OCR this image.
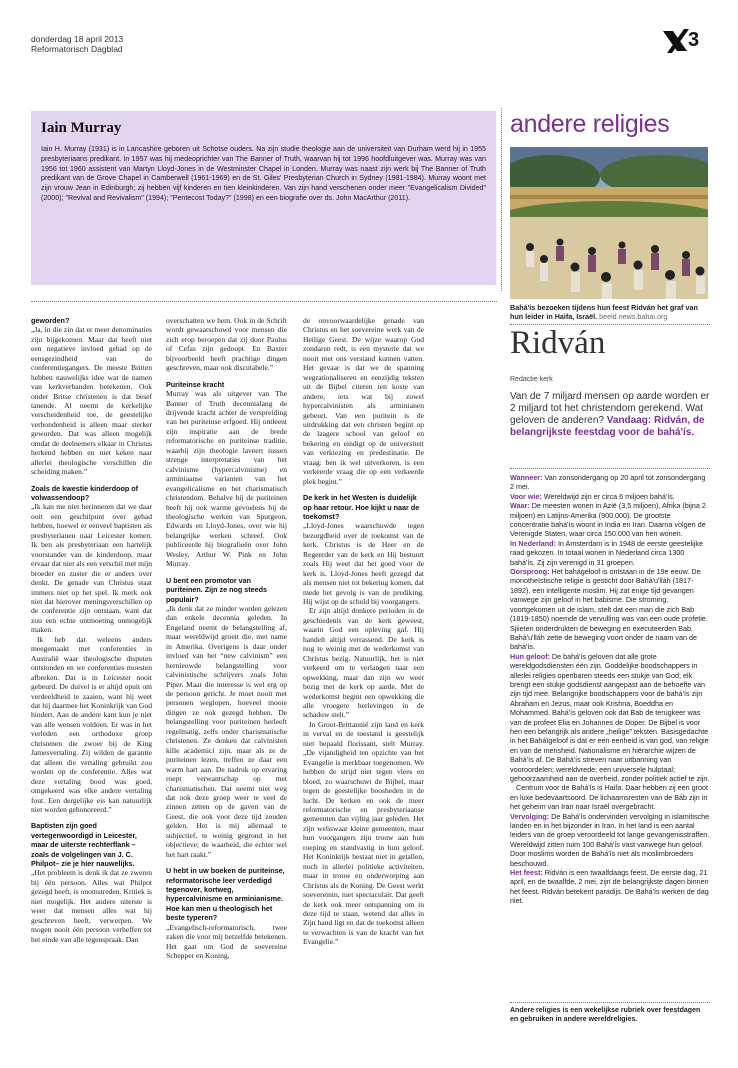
donderdag 18 april 2013
Reformatorisch Dagblad	3
Iain Murray

Iain H. Murray (1931) is in Lancashire geboren uit Schotse ouders. Na zijn studie theologie aan de universiteit van Durham werd hij in 1955 presbyteriaans predikant. In 1957 was hij medeoprichter van The Banner of Truth, waarvan hij tot 1996 hoofdluitgever was. Murray was van 1956 tot 1960 assistent van Martyn Lloyd-Jones in de Westminster Chapel in Londen. Murray was naast zijn werk bij The Banner of Truth predikant van de Grove Chapel in Camberwell (1961-1969) en de St. Giles' Presbyterian Church in Sydney (1981-1984). Murray woont met zijn vrouw Jean in Edinburgh; zij hebben vijf kinderen en tien kleinkinderen. Van zijn hand verschenen onder meer "Evangelicalism Divided" (2000); "Revival and Revivalism" (1994); "Pentecost Today?" (1998) en een biografie over ds. John MacArthur (2011).

geworden?

„Ja, in die zin dat er meer denominaties zijn bijgekomen. Maar dat heeft niet een negatieve invloed gehad op de eensgezindheid van de conferentiegangers. De meeste Britten hebben nauwelijks idee wat de namen van kerkverbanden betekenen. Ook onder Britse christenen is dat besef tanende. Al neemt de kerkelijke verscheidenheid toe, de geestelijke verbondenheid is alleen maar sterker geworden. Dat was alleen mogelijk omdat de deelnemers elkaar in Christus herkend hebben en niet keken naar allerlei theologische verschillen die scheiding maken.”

Zoals de kwestie kinderdoop of volwassendoop?

„Ik kan me niet herinneren dat we daar ooit een geschilpunt over gehad hebben, hoewel er eenveel baptisten als presbyterianen naar Leicester komen. Ik ben als presbyteriaan een hartelijk voorstander van de kinderdoop, maar ervaar dat niet als een verschil met mijn broeder en zuster die er anders over denkt. De genade van Christus staat immers niet op het spel. Ik merk ook niet dat hierover meningsverschillen op de conferentie zijn ontstaan, want dat zou een echte ontmoeting onmogelijk maken.

Ik heb dat weleens anders meegemaakt met conferenties in Australië waar theologische disputen ontstonden en we conferenties moesten afbreken. Dat is in Leicester nooit gebeurd. De duivel is er altijd opuit om verdeeldheid te zaaien, want hij weet dat hij daarmee het Koninkrijk van God hindert. Aan de andere kant kun je niet van alle wensen voldoen. Er was in het verleden een orthodoxe groep christenen die zwoer bij de King Jamesvertaling. Zij wilden de garantie dat alleen die vertaling gebruikt zou worden op de conferentie. Alles wat deze vertaling bood was goed, omgekeerd was elke andere vertaling fout. Een dergelijke eis kan natuurlijk niet worden gehonoreerd.”

Baptisten zijn goed vertegenwoordigd in Leicester, maar de uiterste rechterflank –zoals de volgelingen van J. C. Philpot– zie je hier nauwelijks.

„Het probleem is denk ik dat ze zweren bij één persoon. Alles wat Philpot gezegd heeft, is onomstreden. Kritiek is niet mogelijk. Het andere uiterste is weer dat mensen alles wat hij geschreven heeft, verwerpen. We mogen nooit één persoon verheffen tot het einde van alle tegenspraak. Dan

overschatten we hem. Ook in de Schrift wordt gewaarschuwd voor mensen die zich erop beroepen dat zij door Paulus of Cefas zijn gedoopt. En Baxter bijvoorbeeld heeft prachtige dingen geschreven, maar ook discutabele.”

Puriteinse kracht

Murray was als uitgever van The Banner of Truth decennialang de drijvende kracht achter de verspreiding van het puriteinse erfgoed. Hij ontleent zijn inspiratie aan de brede reformatorische en puriteinse traditie, waarbij zijn theologie laveert tussen strenge interpretaties van het calvinisme (hypercalvinisme) en arminiaanse varianten van het evangelicalisme en het charismatisch christendom. Behalve bij de puriteinen heeft hij ook warme gevoelens bij de theologische werken van Spurgeon, Edwards en Lloyd-Jones, over wie hij belangrijke werken schreef. Ook publiceerde hij biografieën over John Wesley, Arthur W. Pink en John Murray.

U bent een promotor van puriteinen. Zijn ze nog steeds populair?

„Ik denk dat ze minder worden gelezen dan enkele decennia geleden. In Engeland neemt de belangstelling af, maar wereldwijd groeit die, met name in Amerika. Overigens is daar onder invloed van het “new calvinism” een hernieuwde belangstelling voor calvinistische schrijvers zoals John Piper. Maar die interesse is wel erg op de persoon gericht. Je moet nooit met personen weglopen, hoeveel mooie dingen ze ook gezegd hebben. De belangstelling voor puriteinen herleeft regelmatig, zelfs onder charismatische christenen. Ze denken dat calvinisten kille academici zijn, maar als ze de puriteinen lezen, treffen ze daar een warm hart aan. De nadruk op ervaring roept verwantschap op met charismatischen. Dat neemt niet weg dat ook deze groep weer te veel de zinnen zetten op de gaven van de Geest, die ook voor deze tijd zouden gelden. Het is mij allemaal te subjectief, te weinig gegrond in het objectieve; de waarheid, die echter wel het hart raakt.”

U hebt in uw boeken de puriteinse, reformatorische leer verdedigd tegenover, kortweg, hypercalvinisme en arminianisme. Hoe kan men u theologisch het beste typeren?

„Evangelisch-reformatorisch, twee zaken die voor mij hetzelfde betekenen. Het gaat om God de soevereine Schepper en Koning,

de onvoorwaardelijke genade van Christus en het soevereine werk van de Heilige Geest. De wijze waarop God zondaren redt, is een mysterie dat we nooit met ons verstand kunnen vatten. Het gevaar is dat we de spanning wegrationaliseren en eenzijdig teksten uit de Bijbel citeren ten koste van andere, iets wat bij zowel hypercalvinisten als arminianen gebeurt. Van een puritein is de uitdrukking dat een christen begint op de laagere school van geloof en bekering en eindigt op de universiteit van verkiezing en predestinatie. De vraag: ben ik wel uitverkoren, is een verkeerde vraag die op een verkeerde plek begint.”

De kerk in het Westen is duidelijk op haar retour. Hoe kijkt u naar de toekomst?

„Lloyd-Jones waarschuwde tegen bezorgdheid over de toekomst van de kerk. Christus is de Heer en de Regeerder van de kerk en Hij bestuurt zoals Hij weet dat het goed voor de kerk is. Lloyd-Jones heeft gezegd dat als mensen niet tot bekering komen, dat mede het gevolg is van de prediking. Hij wijst op de schuld bij voorgangers.

Er zijn altijd donkere perioden in de geschiedenis van de kerk geweest, waarin God een opleving gaf. Hij handelt altijd verrassend. De kerk is nog te weinig met de wederkomst van Christus bezig. Natuurlijk, het is niet verkeerd om te verlangen naar een opwekking, maar dan zijn we weer bezig met de kerk op aarde. Met de wederkomst begint een opwekking die alle vroegere herlevingen in de schaduw stelt.”

In Groot-Brittannië zijn land en kerk in verval en de toestand is geestelijk niet bepaald florissant, stelt Murray. „De vijandigheid ten opzichte van het Evangelie is merkbaar toegenomen. We hebben de strijd niet tegen vlees en bloed, zo waarschuwt de Bijbel, maar tegen de geestelijke boosheden in de lucht. De kerken en ook de meer reformatorische en presbyteriaanse gemeenten dan vijftig jaar geleden. Het zijn weliswaar kleine gemeenten, maar hun voorgangers zijn trouw aan hun roeping en standvastig in hun geloof. Het Koninkrijk bestaat niet in getallen, noch in allerlei politieke activiteiten, maar in trouw en onderworping aan Christus als de Koning. De Geest werkt soevereinin, niet spectaculair. Dat geeft de kerk ook meer ontspanning om in deze tijd te staan, wetend dat alles in Zijn hand ligt en dat de toekomst alleen te verwachten is van de kracht van het Evangelie.”

andere religies
Bahá'ís bezoeken tijdens hun feest Ridván het graf van hun leider in Haifa, Israël. beeld news.bahai.org
Ridván
Redactie kerk
Van de 7 miljard mensen op aarde worden er 2 miljard tot het christendom gerekend. Wat geloven de anderen? Vandaag: Ridván, de belangrijkste feestdag voor de bahá'ís.

Wanneer: Van zonsondergang op 20 april tot zonsondergang 2 mei.

Voor wie: Wereldwijd zijn er circa 6 miljoen bahá'ís.

Waar: De meesten wonen in Azië (3,5 miljoen), Afrika (bijna 2 miljoen) en Latijns-Amerika (900.000). De grootste concentratie bahá'ís woont in India en Iran. Daarna volgen de Verenigde Staten, waar circa 150.000 van hen wonen.

In Nederland: In Amsterdam is in 1948 de eerste geestelijke raad gekozen. In totaal wonen in Nederland circa 1300 bahá'ís. Zij zijn verenigd in 31 groepen.

Oorsprong: Het bahágeloof is ontstaan in de 19e eeuw. De monotheïstische religie is gesticht door Bahá'u'lláh (1817-1892), een intelligente moslim. Hij zat enige tijd gevangen vanwege zijn geloof in het babisme. Die stroming, voortgekomen uit de islam, stelt dat een man die zich Bab (1819-1850) noemde de vervulling was van een oude profetie. Sjiieten onderdrukten de beweging en executeerden Bab. Bahá'u'lláh zette de beweging voort onder de naam van de bahá'ís.

Hun geloof: De bahá'ís geloven dat alle grote wereldgodsdiensten één zijn. Goddelijke boodschappers in allerlei religies openbaren steeds een stukje van God; elk brengt een stukje godsdienst aangepast aan de behoefte van zijn tijd mee. Belangrijke boodschappers voor de bahá'ís zijn Abraham en Jezus, maar ook Krishna, Boeddha en Mohammed. Bahá'ís geloven ook dat Bab de terugkeer was van de profeet Elia en Johannes de Doper. De Bijbel is voor hen een belangrijk als andere „heilige” teksten. Basisgedachte in het Baháïgeloof is dat er een eenheid is van god, van religie en van de mensheid. Nationalisme en hiërarchie wijzen de Bahá'ís af. De Bahá'ís streven naar uitbanning van vooroordelen; wereldvrede; een universele hulptaal; gehoorzaamheid aan de overheid, zonder politiek actief te zijn.

Centrum voor de Bahá'ís is Haifa. Daar hebben zij een groot en luxe bedevaartsoord. De lichaamsresten van de Báb zijn in het geheim van Iran naar Israël overgebracht.

Vervolging: De Bahá'ís ondervinden vervolging in islamitische landen en in het bijzonder in Iran. In het land is een aantal leiders van de groep veroordeeld tot lange gevangenisstraffen. Wereldwijd zitten ruim 100 Bahá'ís vast vanwege hun geloof. Door moslims worden de Bahá'ís niet als moslimbroeders beschouwd.

Het feest: Ridván is een twaalfdaags feest. De eerste dag, 21 april, en de twaalfde, 2 mei, zijn de belangrijkste dagen binnen het feest. Ridván betekent paradijs. De Bahá'ís werken de dag niet.

Andere religies is een wekelijkse rubriek over feestdagen en gebruiken in andere wereldreligies.
